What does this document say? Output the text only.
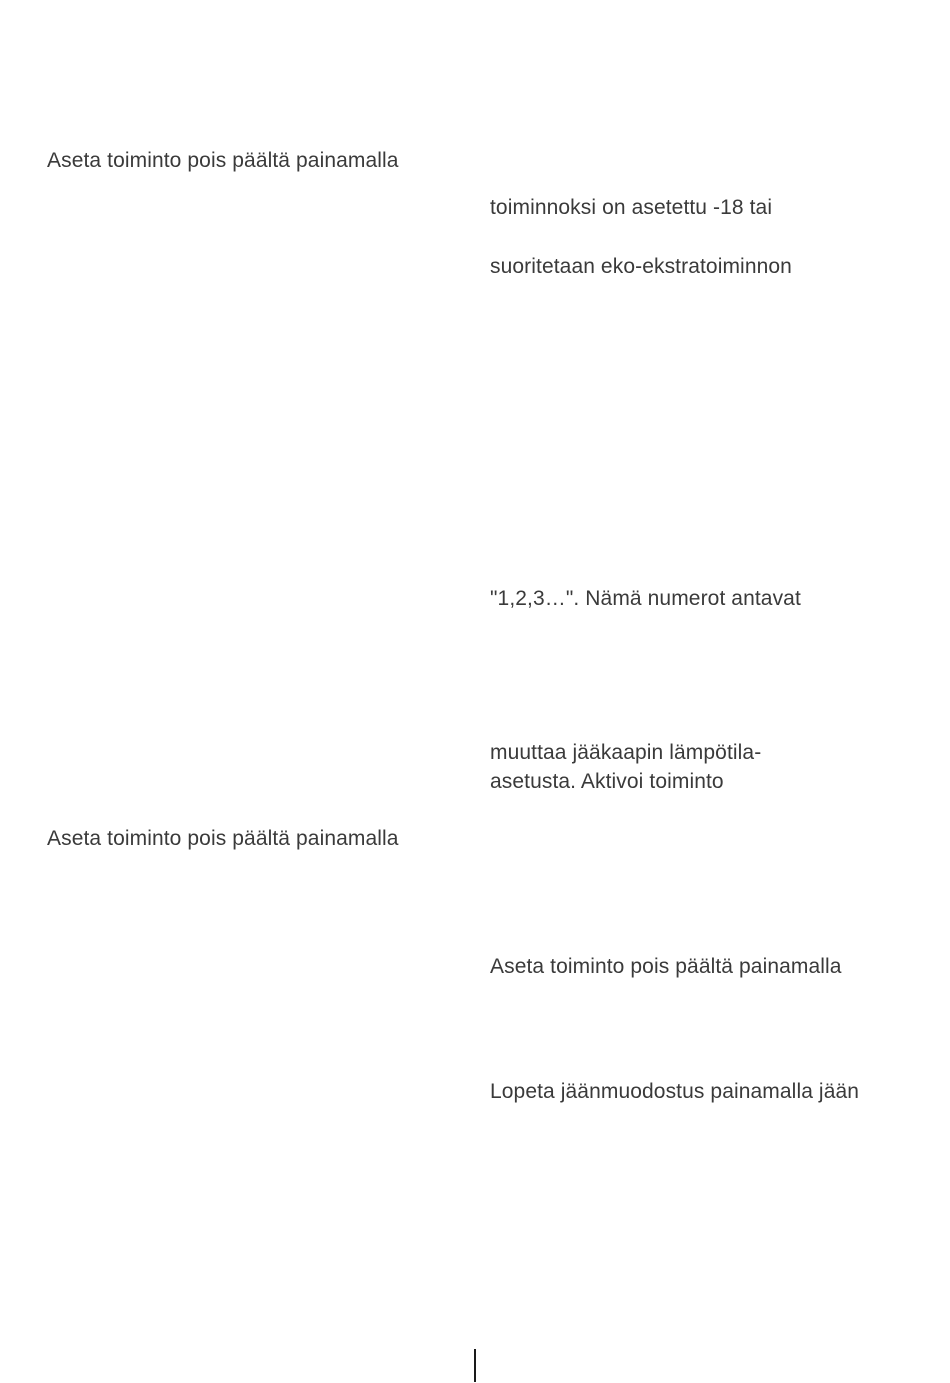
Aseta toiminto pois päältä painamalla
Aseta toiminto pois päältä painamalla
toiminnoksi on asetettu -18 tai
suoritetaan eko-ekstratoiminnon
"1,2,3…". Nämä numerot antavat
muuttaa jääkaapin lämpötila-
asetusta. Aktivoi toiminto
Aseta toiminto pois päältä painamalla
Lopeta jäänmuodostus painamalla jään
